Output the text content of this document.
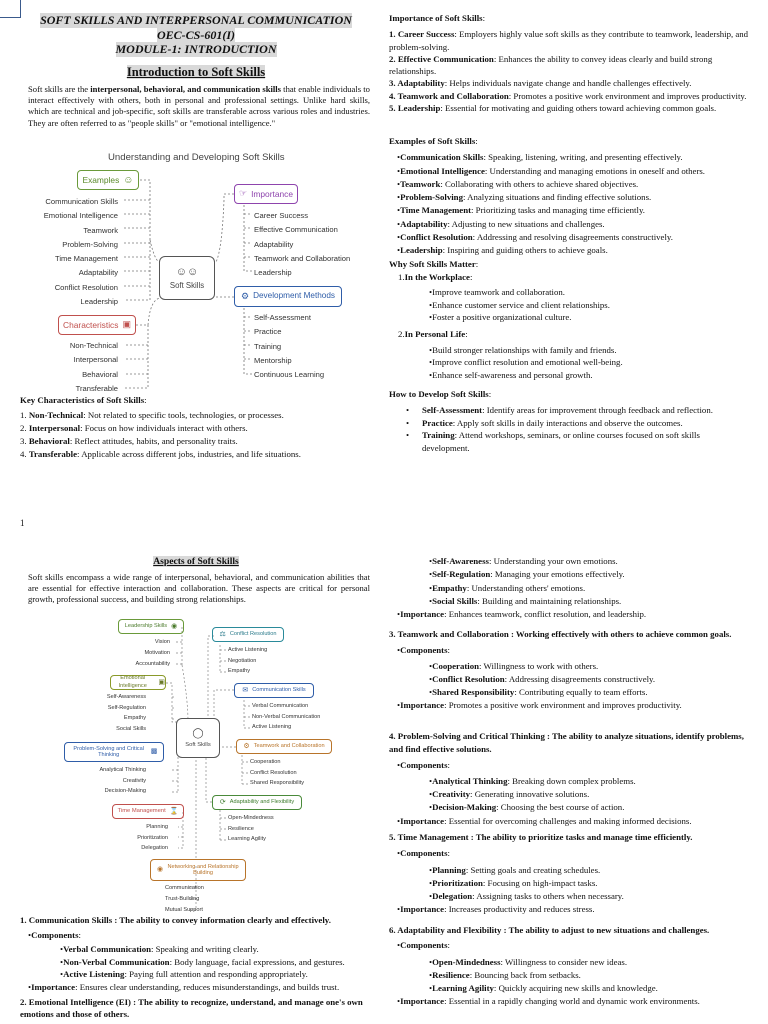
SOFT SKILLS AND INTERPERSONAL COMMUNICATION
OEC-CS-601(I)
MODULE-1: INTRODUCTION
Introduction to Soft Skills
Soft skills are the interpersonal, behavioral, and communication skills that enable individuals to interact effectively with others, both in personal and professional settings. Unlike hard skills, which are technical and job-specific, soft skills are transferable across various roles and industries. They are often referred to as "people skills" or "emotional intelligence."
Understanding and Developing Soft Skills
Examples ☺
Communication Skills
Emotional Intelligence
Teamwork
Problem-Solving
Time Management
Adaptability
Conflict Resolution
Leadership
Characteristics ▣
Non-Technical
Interpersonal
Behavioral
Transferable
☺☺
Soft Skills
☞ Importance
Career Success
Effective Communication
Adaptability
Teamwork and Collaboration
Leadership
⚙ Development Methods
Self-Assessment
Practice
Training
Mentorship
Continuous Learning
Key Characteristics of Soft Skills:
1. Non-Technical: Not related to specific tools, technologies, or processes.
2. Interpersonal: Focus on how individuals interact with others.
3. Behavioral: Reflect attitudes, habits, and personality traits.
4. Transferable: Applicable across different jobs, industries, and life situations.
1
Importance of Soft Skills:
1. Career Success: Employers highly value soft skills as they contribute to teamwork, leadership, and problem-solving.
2. Effective Communication: Enhances the ability to convey ideas clearly and build strong relationships.
3. Adaptability: Helps individuals navigate change and handle challenges effectively.
4. Teamwork and Collaboration: Promotes a positive work environment and improves productivity.
5. Leadership: Essential for motivating and guiding others toward achieving common goals.
Examples of Soft Skills:
•Communication Skills: Speaking, listening, writing, and presenting effectively.
•Emotional Intelligence: Understanding and managing emotions in oneself and others.
•Teamwork: Collaborating with others to achieve shared objectives.
•Problem-Solving: Analyzing situations and finding effective solutions.
•Time Management: Prioritizing tasks and managing time efficiently.
•Adaptability: Adjusting to new situations and challenges.
•Conflict Resolution: Addressing and resolving disagreements constructively.
•Leadership: Inspiring and guiding others to achieve goals.
Why Soft Skills Matter:
1.In the Workplace:
•Improve teamwork and collaboration.
•Enhance customer service and client relationships.
•Foster a positive organizational culture.
2.In Personal Life:
•Build stronger relationships with family and friends.
•Improve conflict resolution and emotional well-being.
•Enhance self-awareness and personal growth.
How to Develop Soft Skills:
• Self-Assessment: Identify areas for improvement through feedback and reflection.
• Practice: Apply soft skills in daily interactions and observe the outcomes.
• Training: Attend workshops, seminars, or online courses focused on soft skills development.
Aspects of Soft Skills
Soft skills encompass a wide range of interpersonal, behavioral, and communication abilities that are essential for effective interaction and collaboration. These aspects are critical for personal growth, professional success, and building strong relationships.
Leadership Skills ◉
Vision
Motivation
Accountability
Emotional Intelligence	▣
Self-Awareness
Self-Regulation
Empathy
Social Skills
Problem-Solving and Critical Thinking
▩
Analytical Thinking
Creativity
Decision-Making
Time Management ⌛
Planning
Prioritization
Delegation
◉ Networking and Relationship Building
Communication
Trust-Building
Mutual Support
◯
Soft Skills
⚖ Conflict Resolution
Active Listening
Negotiation
Empathy
✉ Communication Skills
Verbal Communication
Non-Verbal Communication
Active Listening
⚙ Teamwork and Collaboration
Cooperation
Conflict Resolution
Shared Responsibility
⟳ Adaptability and Flexibility
Open-Mindedness
Resilience
Learning Agility
1. Communication Skills : The ability to convey information clearly and effectively.
•Components:
•Verbal Communication: Speaking and writing clearly.
•Non-Verbal Communication: Body language, facial expressions, and gestures.
•Active Listening: Paying full attention and responding appropriately.
•Importance: Ensures clear understanding, reduces misunderstandings, and builds trust.
2. Emotional Intelligence (EI) : The ability to recognize, understand, and manage one's own emotions and those of others.
•Self-Awareness: Understanding your own emotions.
•Self-Regulation: Managing your emotions effectively.
•Empathy: Understanding others' emotions.
•Social Skills: Building and maintaining relationships.
•Importance: Enhances teamwork, conflict resolution, and leadership.
3. Teamwork and Collaboration : Working effectively with others to achieve common goals.
•Components:
•Cooperation: Willingness to work with others.
•Conflict Resolution: Addressing disagreements constructively.
•Shared Responsibility: Contributing equally to team efforts.
•Importance: Promotes a positive work environment and improves productivity.
4. Problem-Solving and Critical Thinking : The ability to analyze situations, identify problems, and find effective solutions.
•Components:
•Analytical Thinking: Breaking down complex problems.
•Creativity: Generating innovative solutions.
•Decision-Making: Choosing the best course of action.
•Importance: Essential for overcoming challenges and making informed decisions.
5. Time Management : The ability to prioritize tasks and manage time efficiently.
•Components:
•Planning: Setting goals and creating schedules.
•Prioritization: Focusing on high-impact tasks.
•Delegation: Assigning tasks to others when necessary.
•Importance: Increases productivity and reduces stress.
6. Adaptability and Flexibility : The ability to adjust to new situations and challenges.
•Components:
•Open-Mindedness: Willingness to consider new ideas.
•Resilience: Bouncing back from setbacks.
•Learning Agility: Quickly acquiring new skills and knowledge.
•Importance: Essential in a rapidly changing world and dynamic work environments.
